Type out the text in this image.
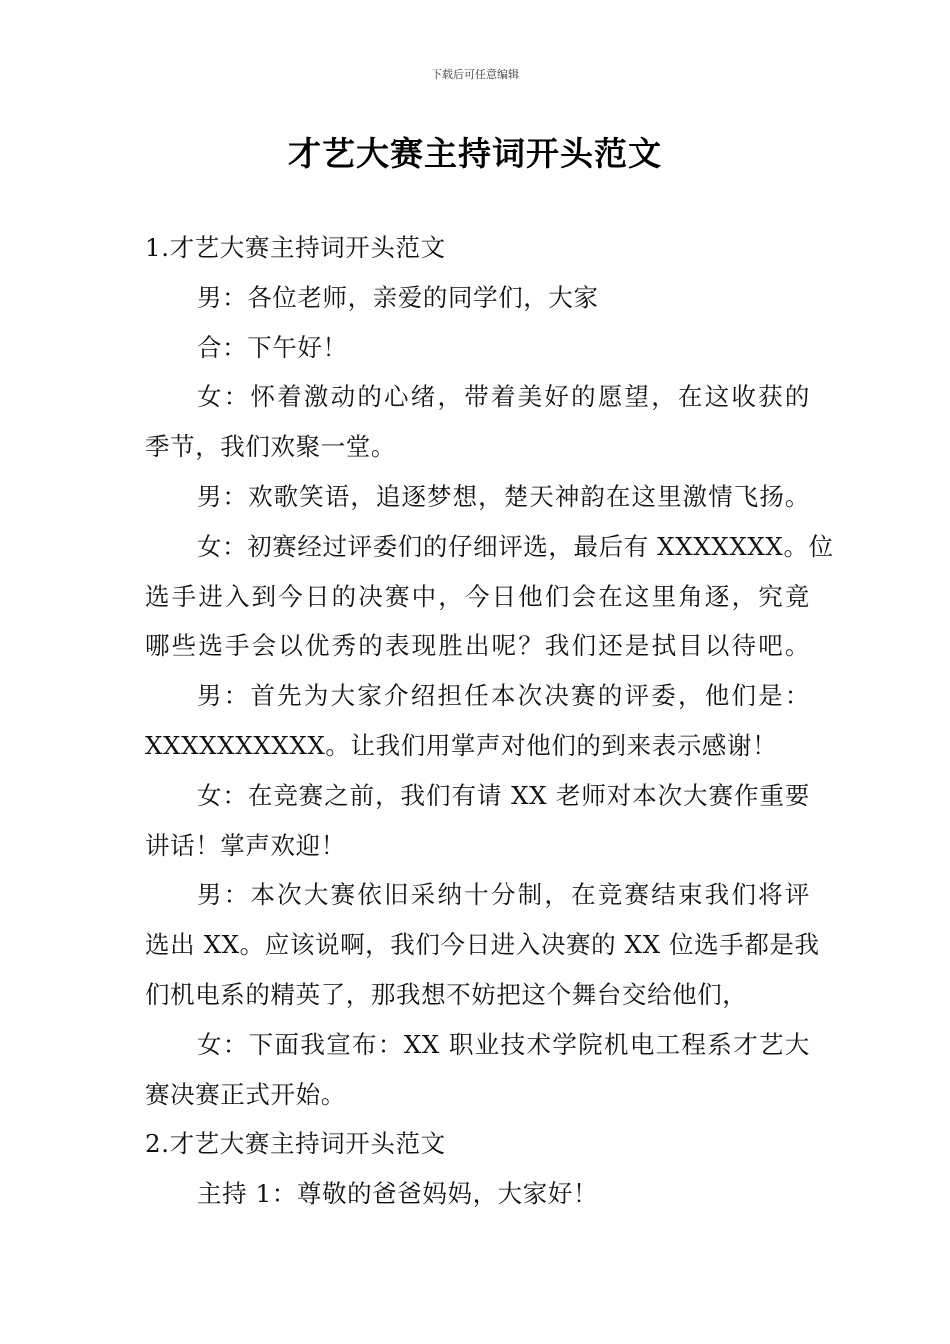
下载后可任意编辑
才艺大赛主持词开头范文
1.才艺大赛主持词开头范文
男：各位老师，亲爱的同学们，大家
合：下午好！
女：怀着激动的心绪，带着美好的愿望，在这收获的
季节，我们欢聚一堂。
男：欢歌笑语，追逐梦想，楚天神韵在这里激情飞扬。
女：初赛经过评委们的仔细评选，最后有 XXXXXXX。位
选手进入到今日的决赛中，今日他们会在这里角逐，究竟
哪些选手会以优秀的表现胜出呢？我们还是拭目以待吧。
男：首先为大家介绍担任本次决赛的评委，他们是：
XXXXXXXXXX。让我们用掌声对他们的到来表示感谢！
女：在竞赛之前，我们有请 XX 老师对本次大赛作重要
讲话！掌声欢迎！
男：本次大赛依旧采纳十分制，在竞赛结束我们将评
选出 XX。应该说啊，我们今日进入决赛的 XX 位选手都是我
们机电系的精英了，那我想不妨把这个舞台交给他们，
女：下面我宣布：XX 职业技术学院机电工程系才艺大
赛决赛正式开始。
2.才艺大赛主持词开头范文
主持 1：尊敬的爸爸妈妈，大家好！
